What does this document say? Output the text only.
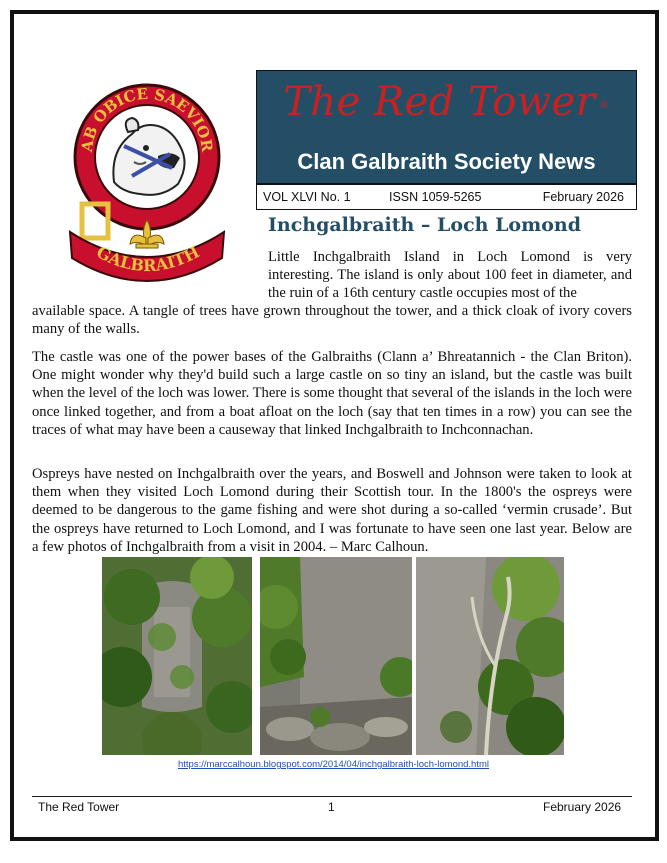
AB OBICE SAEVIOR
GALBRAITH
The Red Tower ®
Clan Galbraith Society News
VOL XLVI No. 1	ISSN 1059-5265	February 2026
Inchgalbraith – Loch Lomond

Little Inchgalbraith Island in Loch Lomond is very interesting. The island is only about 100 feet in diameter, and the ruin of a 16th century castle occupies most of the

available space. A tangle of trees have grown throughout the tower, and a thick cloak of ivory covers many of the walls.

The castle was one of the power bases of the Galbraiths (Clann a’ Bhreatannich - the Clan Briton). One might wonder why they'd build such a large castle on so tiny an island, but the castle was built when the level of the loch was lower. There is some thought that several of the islands in the loch were once linked together, and from a boat afloat on the loch (say that ten times in a row) you can see the traces of what may have been a causeway that linked Inchgalbraith to Inchconnachan.

Ospreys have nested on Inchgalbraith over the years, and Boswell and Johnson were taken to look at them when they visited Loch Lomond during their Scottish tour. In the 1800's the ospreys were deemed to be dangerous to the game fishing and were shot during a so-called ‘vermin crusade’. But the ospreys have returned to Loch Lomond, and I was fortunate to have seen one last year. Below are a few photos of Inchgalbraith from a visit in 2004. – Marc Calhoun.

https://marccalhoun.blogspot.com/2014/04/inchgalbraith-loch-lomond.html
The Red Tower	1	February 2026
